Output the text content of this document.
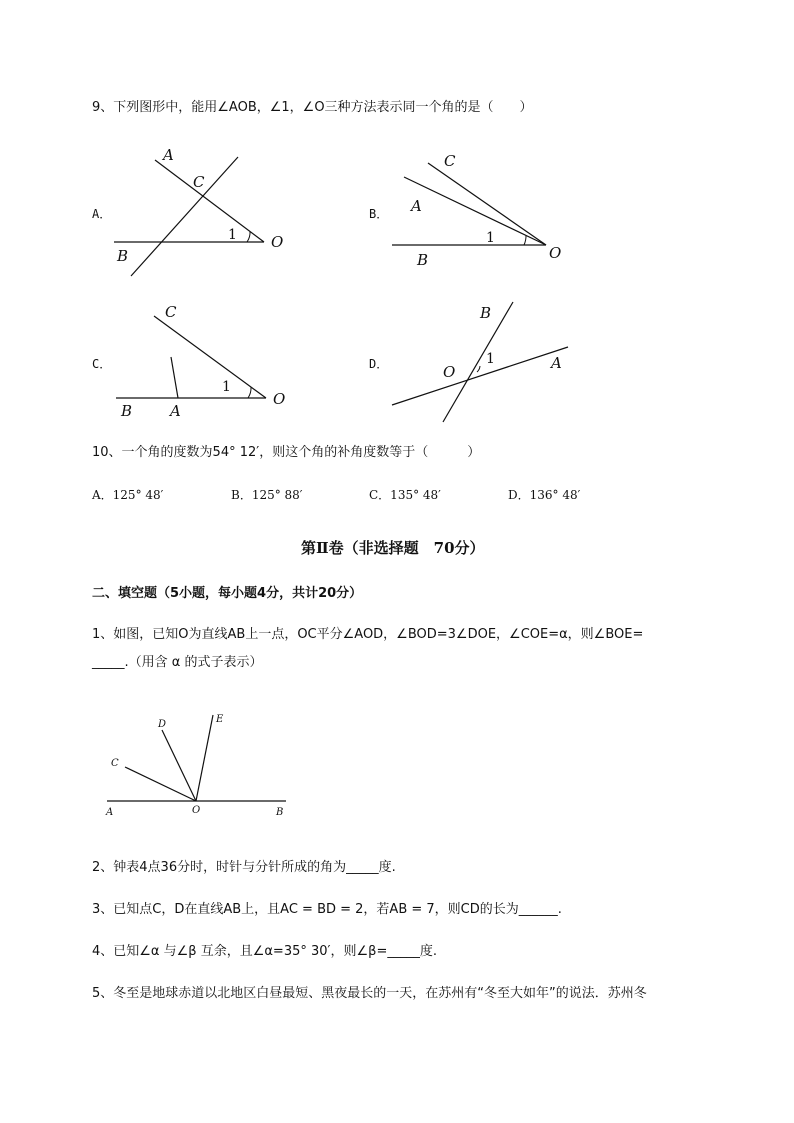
9、下列图形中，能用∠AOB，∠1，∠O三种方法表示同一个角的是（　　）
A．
A
C
B
O
1
B．
C
A
B	O
1
C．
C
B	A
O
1
D．
B
O	A
1
10、一个角的度数为54° 12′，则这个角的补角度数等于（　　　）
A．125° 48′	B．125° 88′	C．135° 48′	D．136° 48′
第Ⅱ卷（非选择题　70分）
二、填空题（5小题，每小题4分，共计20分）
1、如图，已知O为直线AB上一点，OC平分∠AOD，∠BOD=3∠DOE，∠COE=α，则∠BOE=
_____.（用含 α 的式子表示）
D	E
C
A	O	B
2、钟表4点36分时，时针与分针所成的角为_____度.
3、已知点C，D在直线AB上，且AC = BD = 2，若AB = 7，则CD的长为______.
4、已知∠α 与∠β 互余，且∠α=35° 30′，则∠β=_____度.
5、冬至是地球赤道以北地区白昼最短、黑夜最长的一天，在苏州有“冬至大如年”的说法．苏州冬
